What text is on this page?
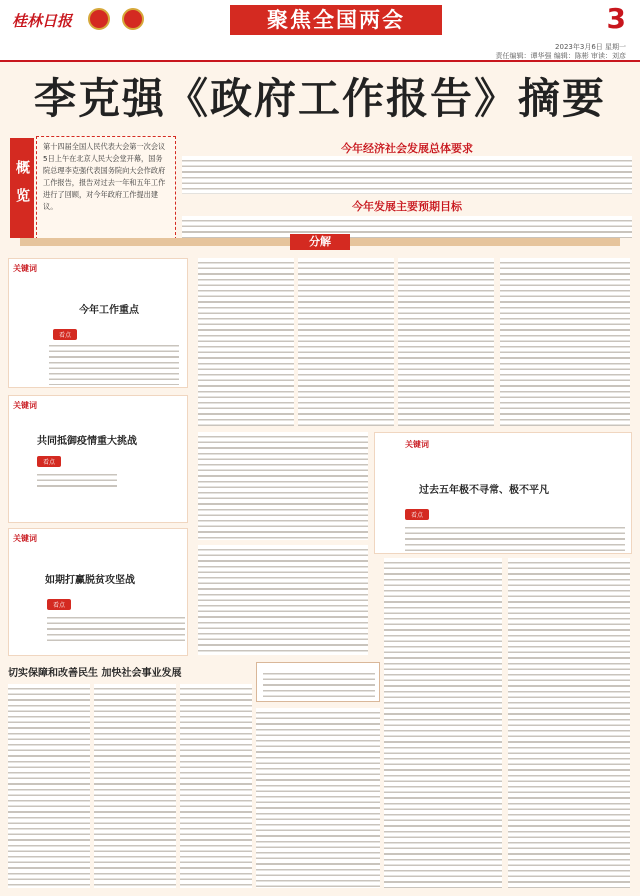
桂林日报	聚焦全国两会	3
2023年3月6日 星期一
责任编辑：谭华强 编辑：陈彬 审读：刘彦
李克强《政府工作报告》摘要
概览

第十四届全国人民代表大会第一次会议5日上午在北京人民大会堂开幕，国务院总理李克强代表国务院向大会作政府工作报告，报告对过去一年和五年工作进行了回顾，对今年政府工作提出建议。

今年经济社会发展总体要求
今年发展主要预期目标
分解
关键词
今年工作重点
看点
关键词
共同抵御疫情重大挑战
看点
关键词
如期打赢脱贫攻坚战
看点
关键词
过去五年极不寻常、极不平凡
看点
切实保障和改善民生 加快社会事业发展
